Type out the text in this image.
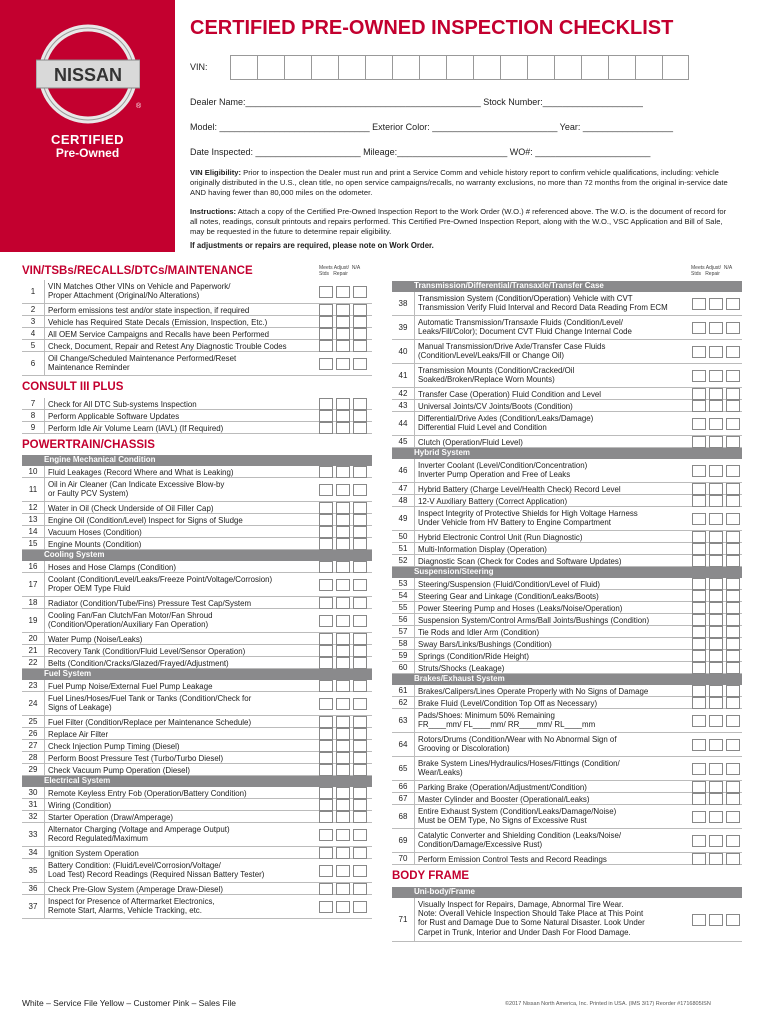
NISSAN
®
CERTIFIED
Pre-Owned
CERTIFIED PRE-OWNED INSPECTION CHECKLIST
VIN:
Dealer Name:_______________________________________________ Stock Number:____________________
Model: ______________________________ Exterior Color: _________________________ Year: __________________
Date Inspected: _____________________ Mileage:______________________ WO#: _______________________
VIN Eligibility: Prior to inspection the Dealer must run and print a Service Comm and vehicle history report to confirm vehicle qualifications, including: vehicle originally distributed in the U.S., clean title, no open service campaigns/recalls, no warranty exclusions, no more than 72 months from the original in-service date AND having fewer than 80,000 miles on the odometer.
Instructions: Attach a copy of the Certified Pre-Owned Inspection Report to the Work Order (W.O.) # referenced above. The W.O. is the document of record for all notes, readings, consult printouts and repairs performed. This Certified Pre-Owned Inspection Report, along with the W.O., VSC Application and Bill of Sale, may be requested in the future to determine repair eligibility.
If adjustments or repairs are required, please note on Work Order.
VIN/TSBs/RECALLS/DTCs/MAINTENANCE	Meets Adjust/ N/A
Stds Repair
Meets Adjust/ N/A
Stds Repair
1
VIN Matches Other VINs on Vehicle and Paperwork/
Proper Attachment (Original/No Alterations)
2	Perform emissions test and/or state inspection, if required
3	Vehicle has Required State Decals (Emission, Inspection, Etc.)
4	All OEM Service Campaigns and Recalls have been Performed
5	Check, Document, Repair and Retest Any Diagnostic Trouble Codes
6
Oil Change/Scheduled Maintenance Performed/Reset
Maintenance Reminder
CONSULT III PLUS
7	Check for All DTC Sub-systems Inspection
8	Perform Applicable Software Updates
9	Perform Idle Air Volume Learn (IAVL) (If Required)
POWERTRAIN/CHASSIS
Engine Mechanical Condition
10	Fluid Leakages (Record Where and What is Leaking)
11
Oil in Air Cleaner (Can Indicate Excessive Blow-by
or Faulty PCV System)
12	Water in Oil (Check Underside of Oil Filler Cap)
13	Engine Oil (Condition/Level) Inspect for Signs of Sludge
14	Vacuum Hoses (Condition)
15	Engine Mounts (Condition)
Cooling System
16	Hoses and Hose Clamps (Condition)
17
Coolant (Condition/Level/Leaks/Freeze Point/Voltage/Corrosion)
Proper OEM Type Fluid
18	Radiator (Condition/Tube/Fins) Pressure Test Cap/System
19
Cooling Fan/Fan Clutch/Fan Motor/Fan Shroud
(Condition/Operation/Auxiliary Fan Operation)
20	Water Pump (Noise/Leaks)
21	Recovery Tank (Condition/Fluid Level/Sensor Operation)
22	Belts (Condition/Cracks/Glazed/Frayed/Adjustment)
Fuel System
23	Fuel Pump Noise/External Fuel Pump Leakage
24
Fuel Lines/Hoses/Fuel Tank or Tanks (Condition/Check for
Signs of Leakage)
25	Fuel Filter (Condition/Replace per Maintenance Schedule)
26	Replace Air Filter
27	Check Injection Pump Timing (Diesel)
28	Perform Boost Pressure Test (Turbo/Turbo Diesel)
29	Check Vacuum Pump Operation (Diesel)
Electrical System
30	Remote Keyless Entry Fob (Operation/Battery Condition)
31	Wiring (Condition)
32	Starter Operation (Draw/Amperage)
33
Alternator Charging (Voltage and Amperage Output)
Record Regulated/Maximum
34	Ignition System Operation
35
Battery Condition: (Fluid/Level/Corrosion/Voltage/
Load Test) Record Readings (Required Nissan Battery Tester)
36	Check Pre-Glow System (Amperage Draw-Diesel)
37
Inspect for Presence of Aftermarket Electronics,
Remote Start, Alarms, Vehicle Tracking, etc.
Transmission/Differential/Transaxle/Transfer Case
38
Transmission System (Condition/Operation) Vehicle with CVT
Transmission Verify Fluid Interval and Record Data Reading From ECM
39
Automatic Transmission/Transaxle Fluids (Condition/Level/
Leaks/Fill/Color); Document CVT Fluid Change Internal Code
40
Manual Transmission/Drive Axle/Transfer Case Fluids
(Condition/Level/Leaks/Fill or Change Oil)
41
Transmission Mounts (Condition/Cracked/Oil
Soaked/Broken/Replace Worn Mounts)
42	Transfer Case (Operation) Fluid Condition and Level
43	Universal Joints/CV Joints/Boots (Condition)
44
Differential/Drive Axles (Condition/Leaks/Damage)
Differential Fluid Level and Condition
45	Clutch (Operation/Fluid Level)
Hybrid System
46
Inverter Coolant (Level/Condition/Concentration)
Inverter Pump Operation and Free of Leaks
47	Hybrid Battery (Charge Level/Health Check) Record Level
48	12-V Auxiliary Battery (Correct Application)
49
Inspect Integrity of Protective Shields for High Voltage Harness
Under Vehicle from HV Battery to Engine Compartment
50	Hybrid Electronic Control Unit (Run Diagnostic)
51	Multi-Information Display (Operation)
52	Diagnostic Scan (Check for Codes and Software Updates)
Suspension/Steering
53	Steering/Suspension (Fluid/Condition/Level of Fluid)
54	Steering Gear and Linkage (Condition/Leaks/Boots)
55	Power Steering Pump and Hoses (Leaks/Noise/Operation)
56	Suspension System/Control Arms/Ball Joints/Bushings (Condition)
57	Tie Rods and Idler Arm (Condition)
58	Sway Bars/Links/Bushings (Condition)
59	Springs (Condition/Ride Height)
60	Struts/Shocks (Leakage)
Brakes/Exhaust System
61	Brakes/Calipers/Lines Operate Properly with No Signs of Damage
62	Brake Fluid (Level/Condition Top Off as Necessary)
63
Pads/Shoes: Minimum 50% Remaining
FR____mm/ FL____mm/ RR____mm/ RL____mm
64
Rotors/Drums (Condition/Wear with No Abnormal Sign of
Grooving or Discoloration)
65
Brake System Lines/Hydraulics/Hoses/Fittings (Condition/
Wear/Leaks)
66	Parking Brake (Operation/Adjustment/Condition)
67	Master Cylinder and Booster (Operational/Leaks)
68
Entire Exhaust System (Condition/Leaks/Damage/Noise)
Must be OEM Type, No Signs of Excessive Rust
69
Catalytic Converter and Shielding Condition (Leaks/Noise/
Condition/Damage/Excessive Rust)
70	Perform Emission Control Tests and Record Readings
BODY FRAME
Uni-body/Frame
71
Visually Inspect for Repairs, Damage, Abnormal Tire Wear.
Note: Overall Vehicle Inspection Should Take Place at This Point
for Rust and Damage Due to Some Natural Disaster. Look Under
Carpet in Trunk, Interior and Under Dash For Flood Damage.
White – Service File Yellow – Customer Pink – Sales File	©2017 Nissan North America, Inc. Printed in USA. (IMS 3/17) Reorder #1716805ISN
